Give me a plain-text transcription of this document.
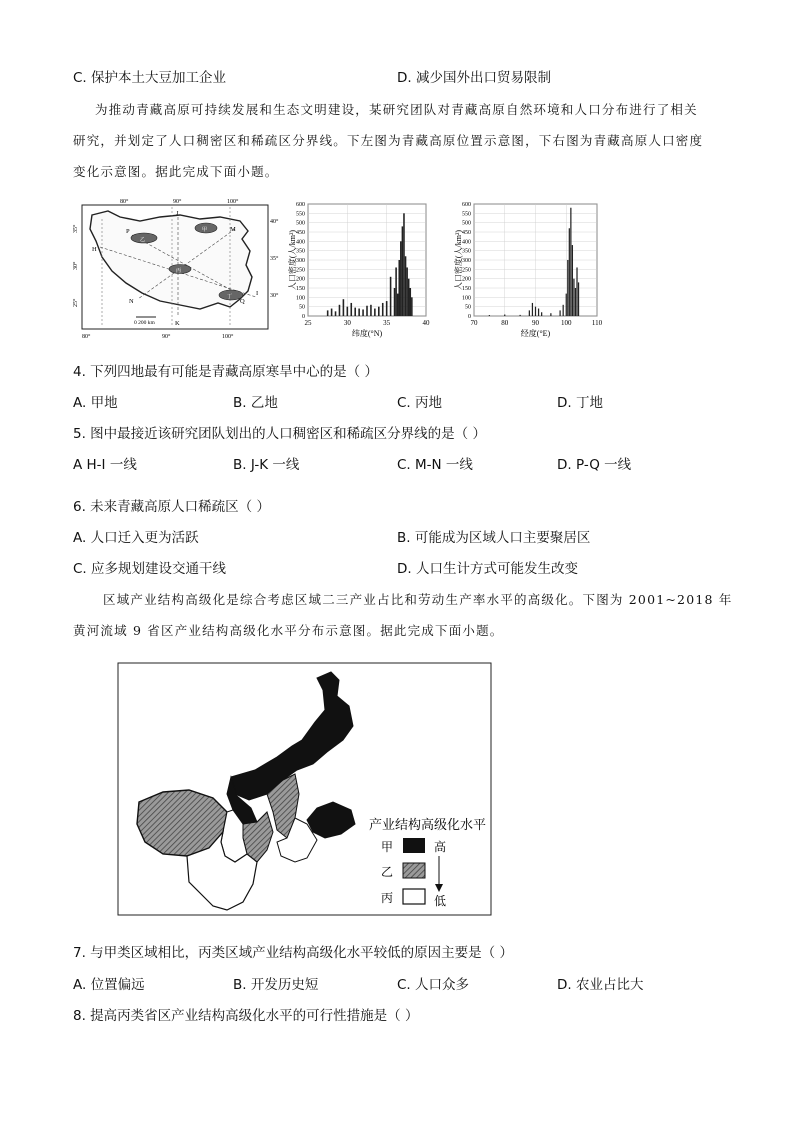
C. 保护本土大豆加工企业	D. 减少国外出口贸易限制
为推动青藏高原可持续发展和生态文明建设，某研究团队对青藏高原自然环境和人口分布进行了相关
研究，并划定了人口稠密区和稀疏区分界线。下左图为青藏高原位置示意图，下右图为青藏高原人口密度
变化示意图。据此完成下面小题。
80°	90°	100°
80°	90°	100°
35°
30°
25°
40°
35°
30°
乙
甲
丙
丁
J
M
P
H
N
K
Q
I
0 200 km
0
50
100
150
200
250
300
350
400
450
500
550
600
25	30	35	40
纬度(°N)
人口密度(人/km²)
0
50
100
150
200
250
300
350
400
450
500
550
600
70	80	90	100	110
经度(°E)
人口密度(人/km²)
4. 下列四地最有可能是青藏高原寒旱中心的是（ ）
A. 甲地	B. 乙地	C. 丙地	D. 丁地
5. 图中最接近该研究团队划出的人口稠密区和稀疏区分界线的是（ ）
A H-I 一线	B. J-K 一线	C. M-N 一线	D. P-Q 一线
6. 未来青藏高原人口稀疏区（ ）
A. 人口迁入更为活跃	B. 可能成为区域人口主要聚居区
C. 应多规划建设交通干线	D. 人口生计方式可能发生改变
区域产业结构高级化是综合考虑区域二三产业占比和劳动生产率水平的高级化。下图为 2001~2018 年
黄河流域 9 省区产业结构高级化水平分布示意图。据此完成下面小题。
产业结构高级化水平
甲	高
乙
丙	低
7. 与甲类区域相比，丙类区域产业结构高级化水平较低的原因主要是（ ）
A. 位置偏远	B. 开发历史短	C. 人口众多	D. 农业占比大
8. 提高丙类省区产业结构高级化水平的可行性措施是（ ）
